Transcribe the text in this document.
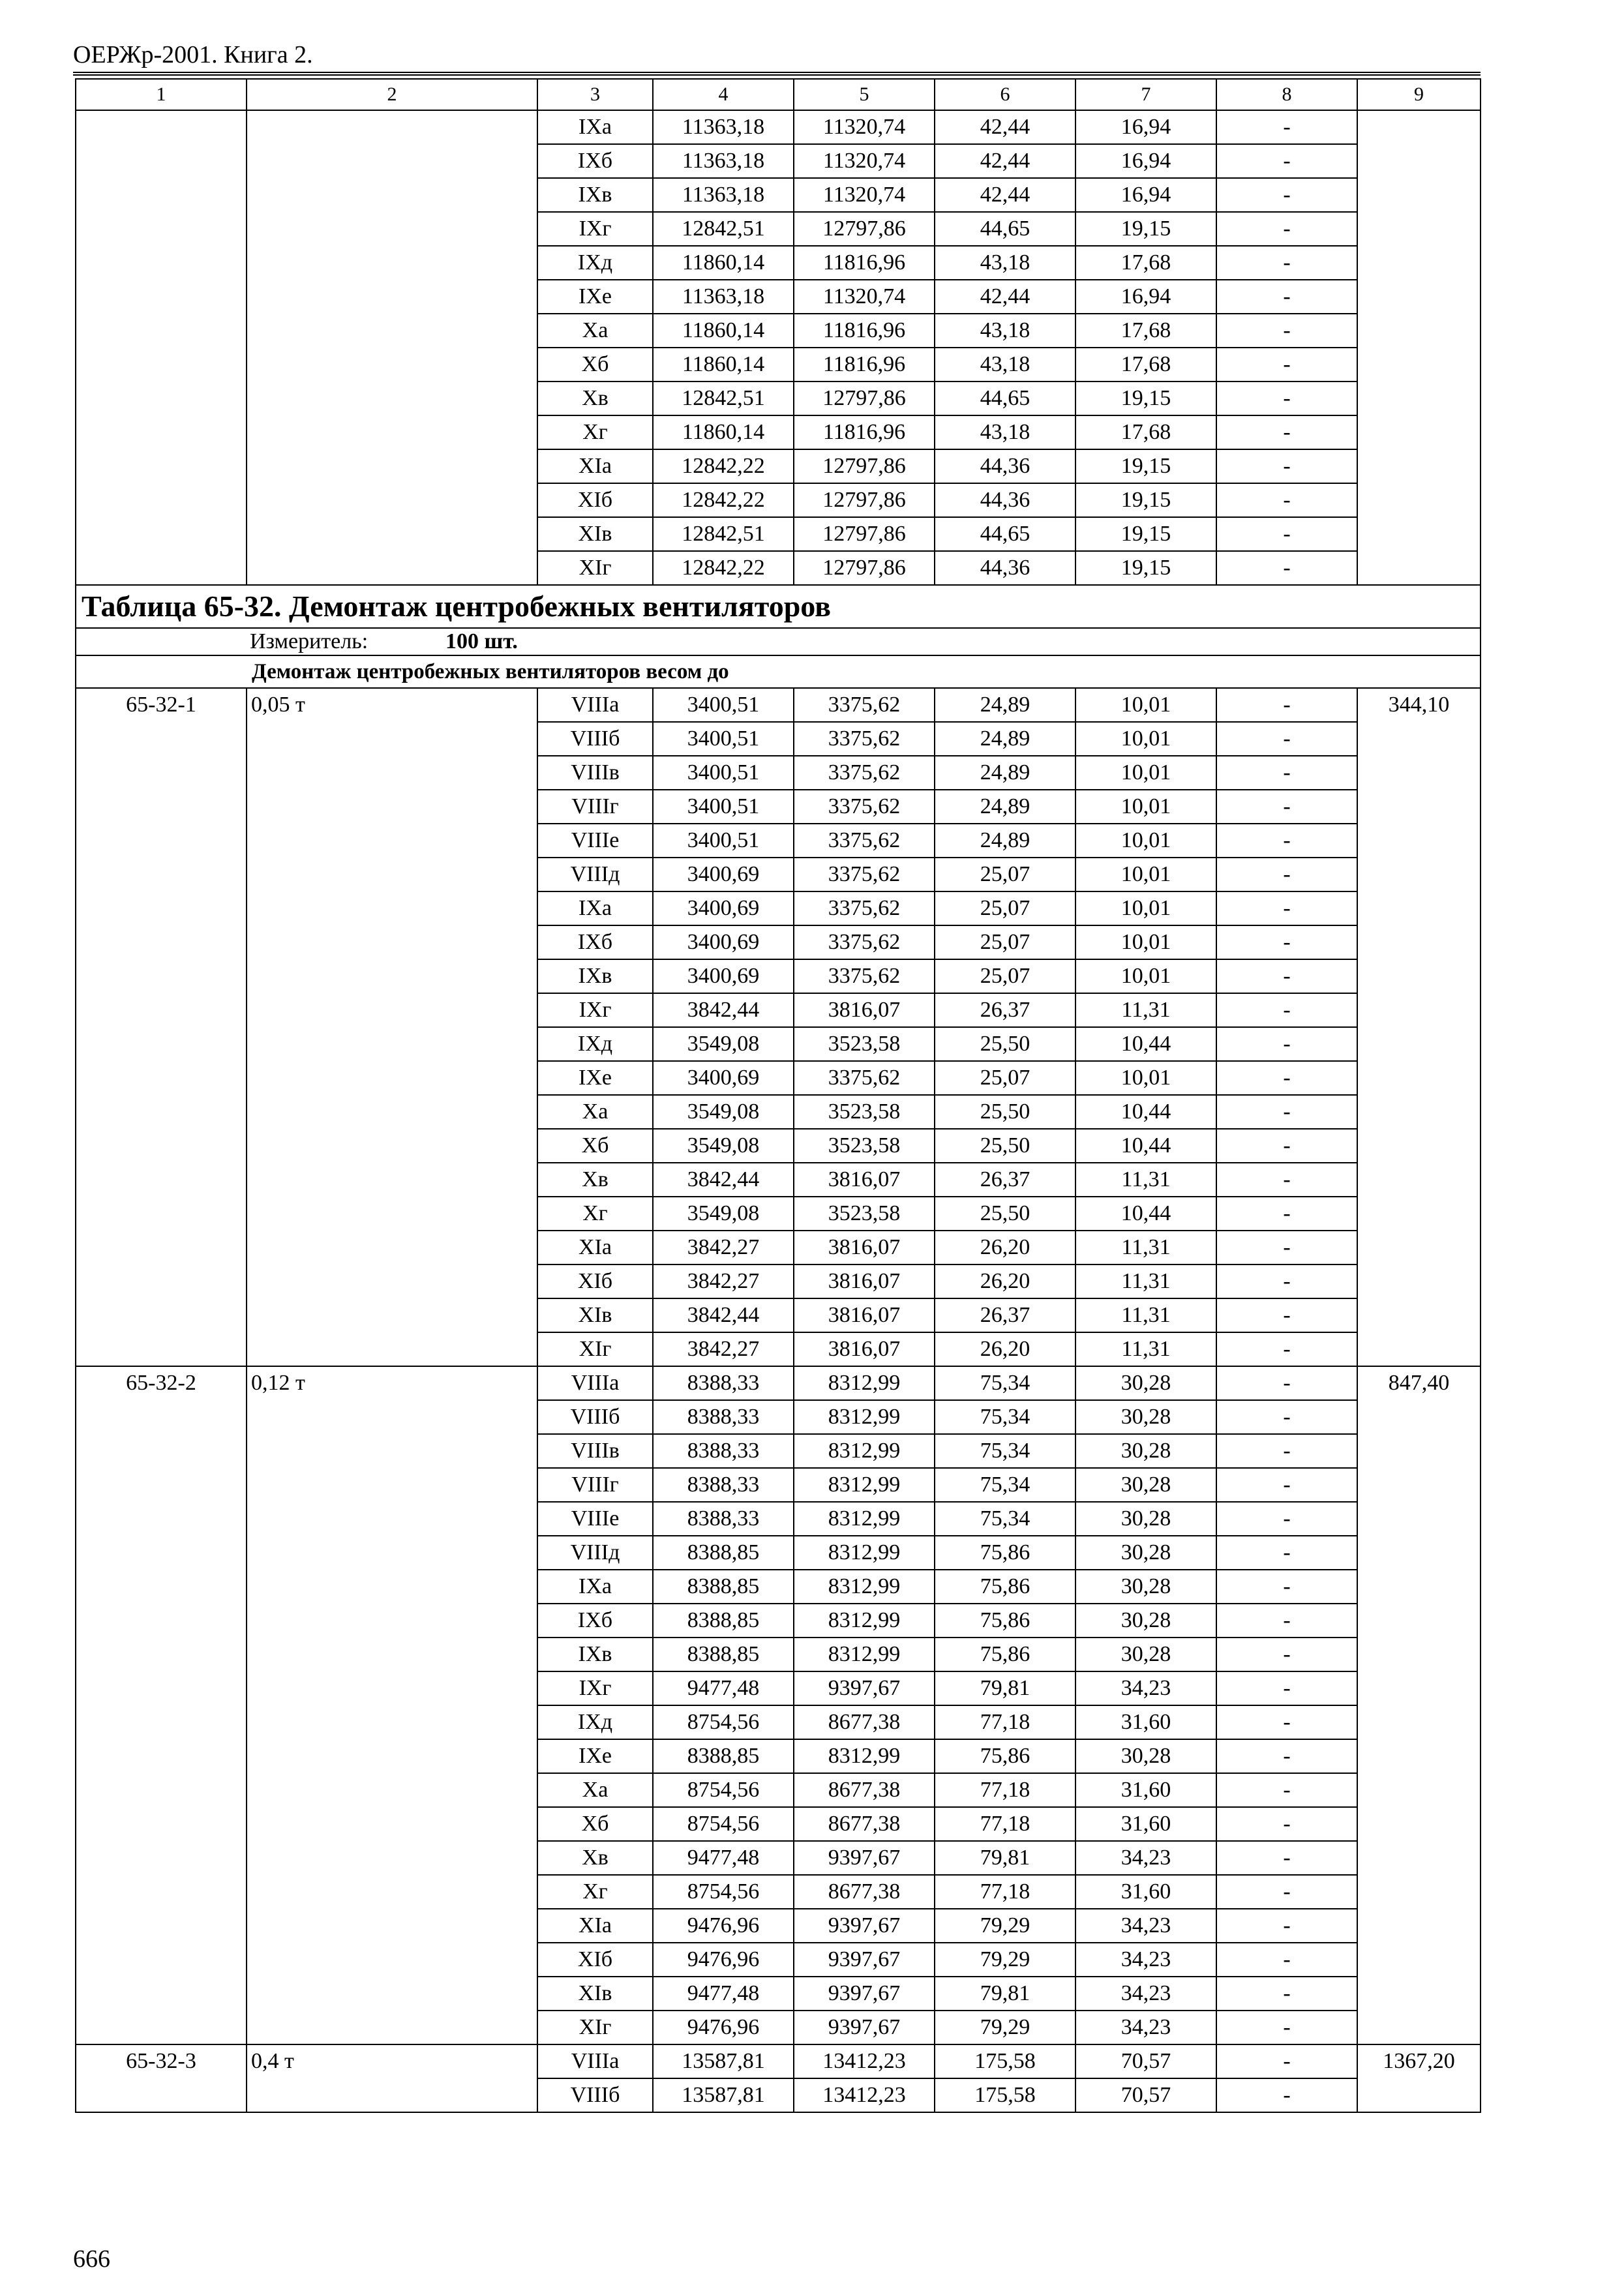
ОЕРЖр-2001. Книга 2.
1	2	3	4	5	6	7	8	9
		IXа	11363,18	11320,74	42,44	16,94	-	
		IXб	11363,18	11320,74	42,44	16,94	-	
		IXв	11363,18	11320,74	42,44	16,94	-	
		IXг	12842,51	12797,86	44,65	19,15	-	
		IXд	11860,14	11816,96	43,18	17,68	-	
		IXе	11363,18	11320,74	42,44	16,94	-	
		Xа	11860,14	11816,96	43,18	17,68	-	
		Xб	11860,14	11816,96	43,18	17,68	-	
		Xв	12842,51	12797,86	44,65	19,15	-	
		Xг	11860,14	11816,96	43,18	17,68	-	
		XIа	12842,22	12797,86	44,36	19,15	-	
		XIб	12842,22	12797,86	44,36	19,15	-	
		XIв	12842,51	12797,86	44,65	19,15	-	
		XIг	12842,22	12797,86	44,36	19,15	-	
Таблица 65-32. Демонтаж центробежных вентиляторов								
Измеритель: 100 шт.								
	Демонтаж центробежных вентиляторов весом до							
65-32-1	0,05 т	VIIIа	3400,51	3375,62	24,89	10,01	-	344,10
		VIIIб	3400,51	3375,62	24,89	10,01	-	
		VIIIв	3400,51	3375,62	24,89	10,01	-	
		VIIIг	3400,51	3375,62	24,89	10,01	-	
		VIIIе	3400,51	3375,62	24,89	10,01	-	
		VIIIд	3400,69	3375,62	25,07	10,01	-	
		IXа	3400,69	3375,62	25,07	10,01	-	
		IXб	3400,69	3375,62	25,07	10,01	-	
		IXв	3400,69	3375,62	25,07	10,01	-	
		IXг	3842,44	3816,07	26,37	11,31	-	
		IXд	3549,08	3523,58	25,50	10,44	-	
		IXе	3400,69	3375,62	25,07	10,01	-	
		Xа	3549,08	3523,58	25,50	10,44	-	
		Xб	3549,08	3523,58	25,50	10,44	-	
		Xв	3842,44	3816,07	26,37	11,31	-	
		Xг	3549,08	3523,58	25,50	10,44	-	
		XIа	3842,27	3816,07	26,20	11,31	-	
		XIб	3842,27	3816,07	26,20	11,31	-	
		XIв	3842,44	3816,07	26,37	11,31	-	
		XIг	3842,27	3816,07	26,20	11,31	-	
65-32-2	0,12 т	VIIIа	8388,33	8312,99	75,34	30,28	-	847,40
		VIIIб	8388,33	8312,99	75,34	30,28	-	
		VIIIв	8388,33	8312,99	75,34	30,28	-	
		VIIIг	8388,33	8312,99	75,34	30,28	-	
		VIIIе	8388,33	8312,99	75,34	30,28	-	
		VIIIд	8388,85	8312,99	75,86	30,28	-	
		IXа	8388,85	8312,99	75,86	30,28	-	
		IXб	8388,85	8312,99	75,86	30,28	-	
		IXв	8388,85	8312,99	75,86	30,28	-	
		IXг	9477,48	9397,67	79,81	34,23	-	
		IXд	8754,56	8677,38	77,18	31,60	-	
		IXе	8388,85	8312,99	75,86	30,28	-	
		Xа	8754,56	8677,38	77,18	31,60	-	
		Xб	8754,56	8677,38	77,18	31,60	-	
		Xв	9477,48	9397,67	79,81	34,23	-	
		Xг	8754,56	8677,38	77,18	31,60	-	
		XIа	9476,96	9397,67	79,29	34,23	-	
		XIб	9476,96	9397,67	79,29	34,23	-	
		XIв	9477,48	9397,67	79,81	34,23	-	
		XIг	9476,96	9397,67	79,29	34,23	-	
65-32-3	0,4 т	VIIIа	13587,81	13412,23	175,58	70,57	-	1367,20
		VIIIб	13587,81	13412,23	175,58	70,57	-	
666
